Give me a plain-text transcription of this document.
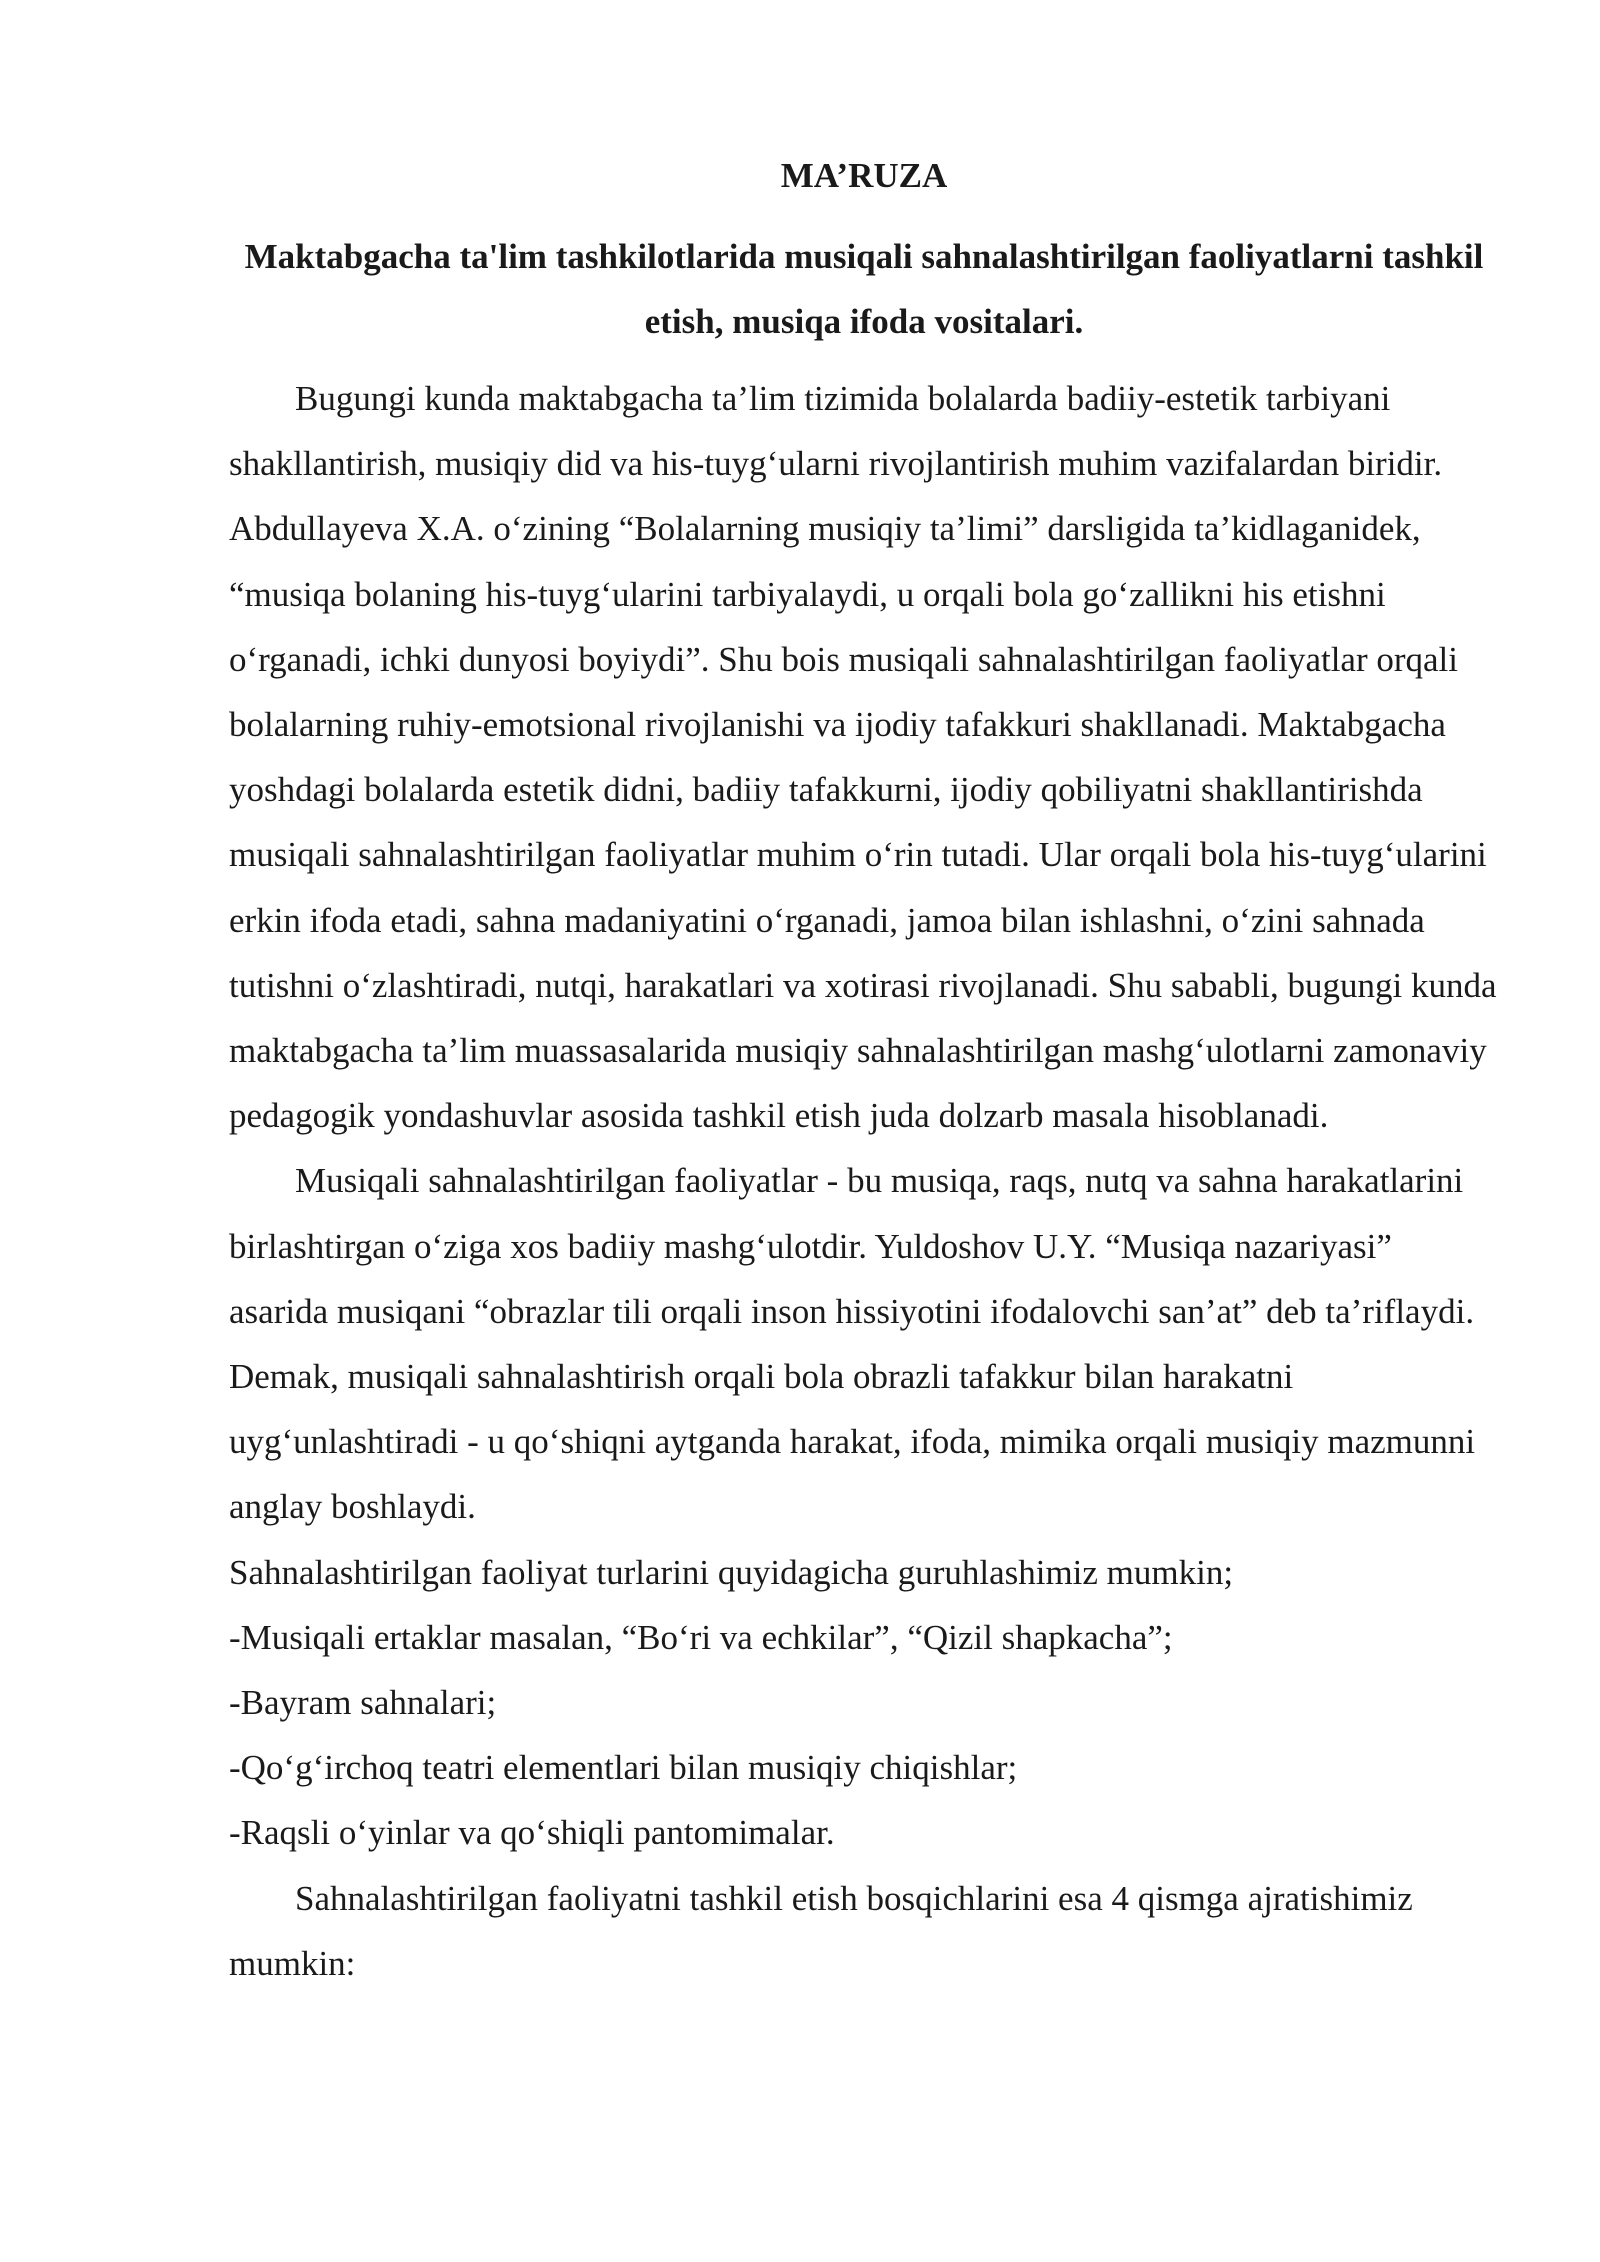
MA’RUZA
Maktabgacha ta'lim tashkilotlarida musiqali sahnalashtirilgan faoliyatlarni tashkil etish, musiqa ifoda vositalari.

Bugungi kunda maktabgacha ta’lim tizimida bolalarda badiiy-estetik tarbiyani shakllantirish, musiqiy did va his-tuyg‘ularni rivojlantirish muhim vazifalardan biridir. Abdullayeva X.A. o‘zining “Bolalarning musiqiy ta’limi” darsligida ta’kidlaganidek, “musiqa bolaning his-tuyg‘ularini tarbiyalaydi, u orqali bola go‘zallikni his etishni o‘rganadi, ichki dunyosi boyiydi”. Shu bois musiqali sahnalashtirilgan faoliyatlar orqali bolalarning ruhiy-emotsional rivojlanishi va ijodiy tafakkuri shakllanadi. Maktabgacha yoshdagi bolalarda estetik didni, badiiy tafakkurni, ijodiy qobiliyatni shakllantirishda musiqali sahnalashtirilgan faoliyatlar muhim o‘rin tutadi. Ular orqali bola his-tuyg‘ularini erkin ifoda etadi, sahna madaniyatini o‘rganadi, jamoa bilan ishlashni, o‘zini sahnada tutishni o‘zlashtiradi, nutqi, harakatlari va xotirasi rivojlanadi. Shu sababli, bugungi kunda maktabgacha ta’lim muassasalarida musiqiy sahnalashtirilgan mashg‘ulotlarni zamonaviy pedagogik yondashuvlar asosida tashkil etish juda dolzarb masala hisoblanadi.

Musiqali sahnalashtirilgan faoliyatlar - bu musiqa, raqs, nutq va sahna harakatlarini birlashtirgan o‘ziga xos badiiy mashg‘ulotdir. Yuldoshov U.Y. “Musiqa nazariyasi” asarida musiqani “obrazlar tili orqali inson hissiyotini ifodalovchi san’at” deb ta’riflaydi. Demak, musiqali sahnalashtirish orqali bola obrazli tafakkur bilan harakatni uyg‘unlashtiradi - u qo‘shiqni aytganda harakat, ifoda, mimika orqali musiqiy mazmunni anglay boshlaydi.

Sahnalashtirilgan faoliyat turlarini quyidagicha guruhlashimiz mumkin;

-Musiqali ertaklar masalan, “Bo‘ri va echkilar”, “Qizil shapkacha”;

-Bayram sahnalari;

-Qo‘g‘irchoq teatri elementlari bilan musiqiy chiqishlar;

-Raqsli o‘yinlar va qo‘shiqli pantomimalar.

Sahnalashtirilgan faoliyatni tashkil etish bosqichlarini esa 4 qismga ajratishimiz mumkin:
